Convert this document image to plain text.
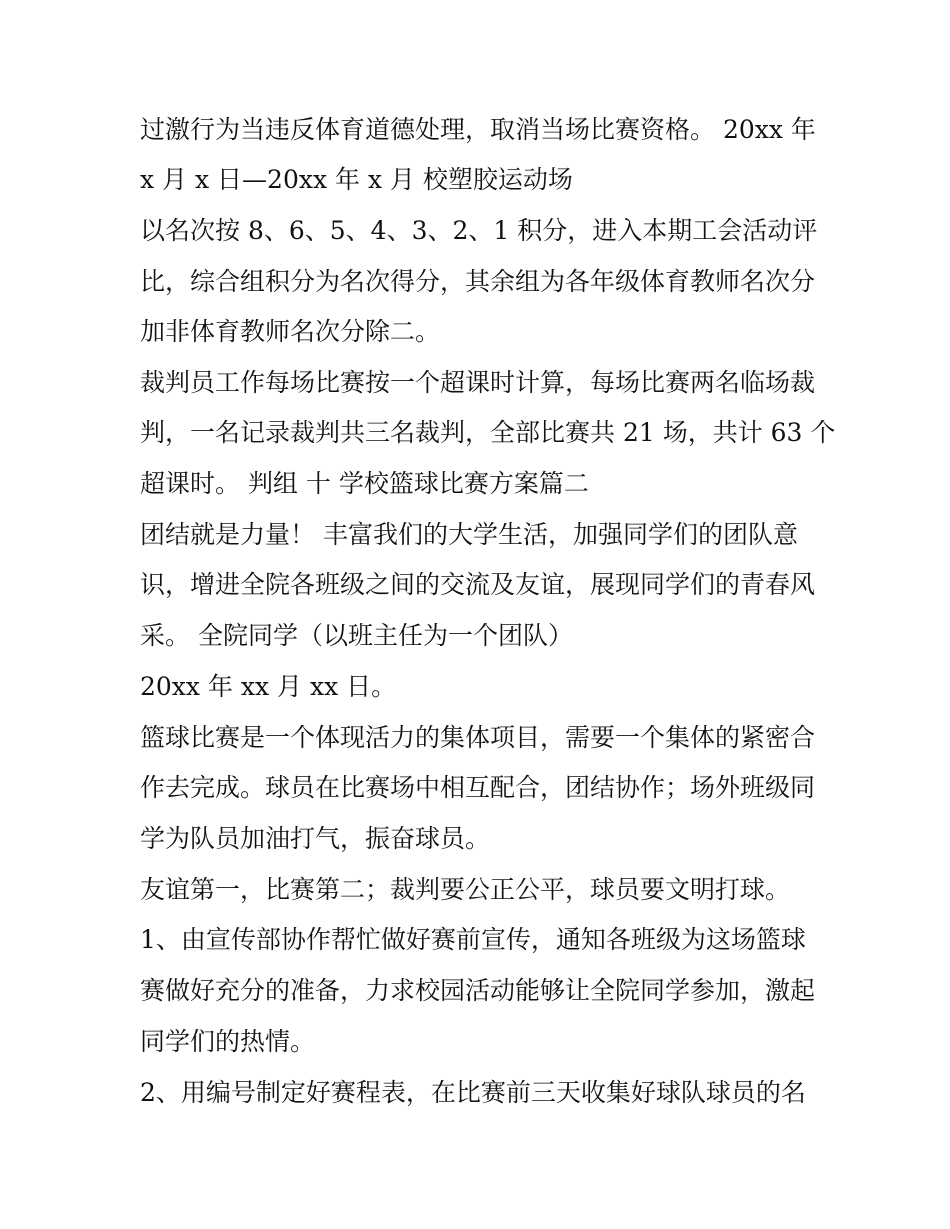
过激行为当违反体育道德处理，取消当场比赛资格。 20xx 年
x 月 x 日—20xx 年 x 月 校塑胶运动场
以名次按 8、6、5、4、3、2、1 积分，进入本期工会活动评
比，综合组积分为名次得分，其余组为各年级体育教师名次分
加非体育教师名次分除二。
裁判员工作每场比赛按一个超课时计算，每场比赛两名临场裁
判，一名记录裁判共三名裁判，全部比赛共 21 场，共计 63 个
超课时。 判组 十 学校篮球比赛方案篇二
团结就是力量！ 丰富我们的大学生活，加强同学们的团队意
识，增进全院各班级之间的交流及友谊，展现同学们的青春风
采。 全院同学（以班主任为一个团队）
20xx 年 xx 月 xx 日。
篮球比赛是一个体现活力的集体项目，需要一个集体的紧密合
作去完成。球员在比赛场中相互配合，团结协作；场外班级同
学为队员加油打气，振奋球员。
友谊第一，比赛第二；裁判要公正公平，球员要文明打球。
1、由宣传部协作帮忙做好赛前宣传，通知各班级为这场篮球
赛做好充分的准备，力求校园活动能够让全院同学参加，激起
同学们的热情。
2、用编号制定好赛程表，在比赛前三天收集好球队球员的名
